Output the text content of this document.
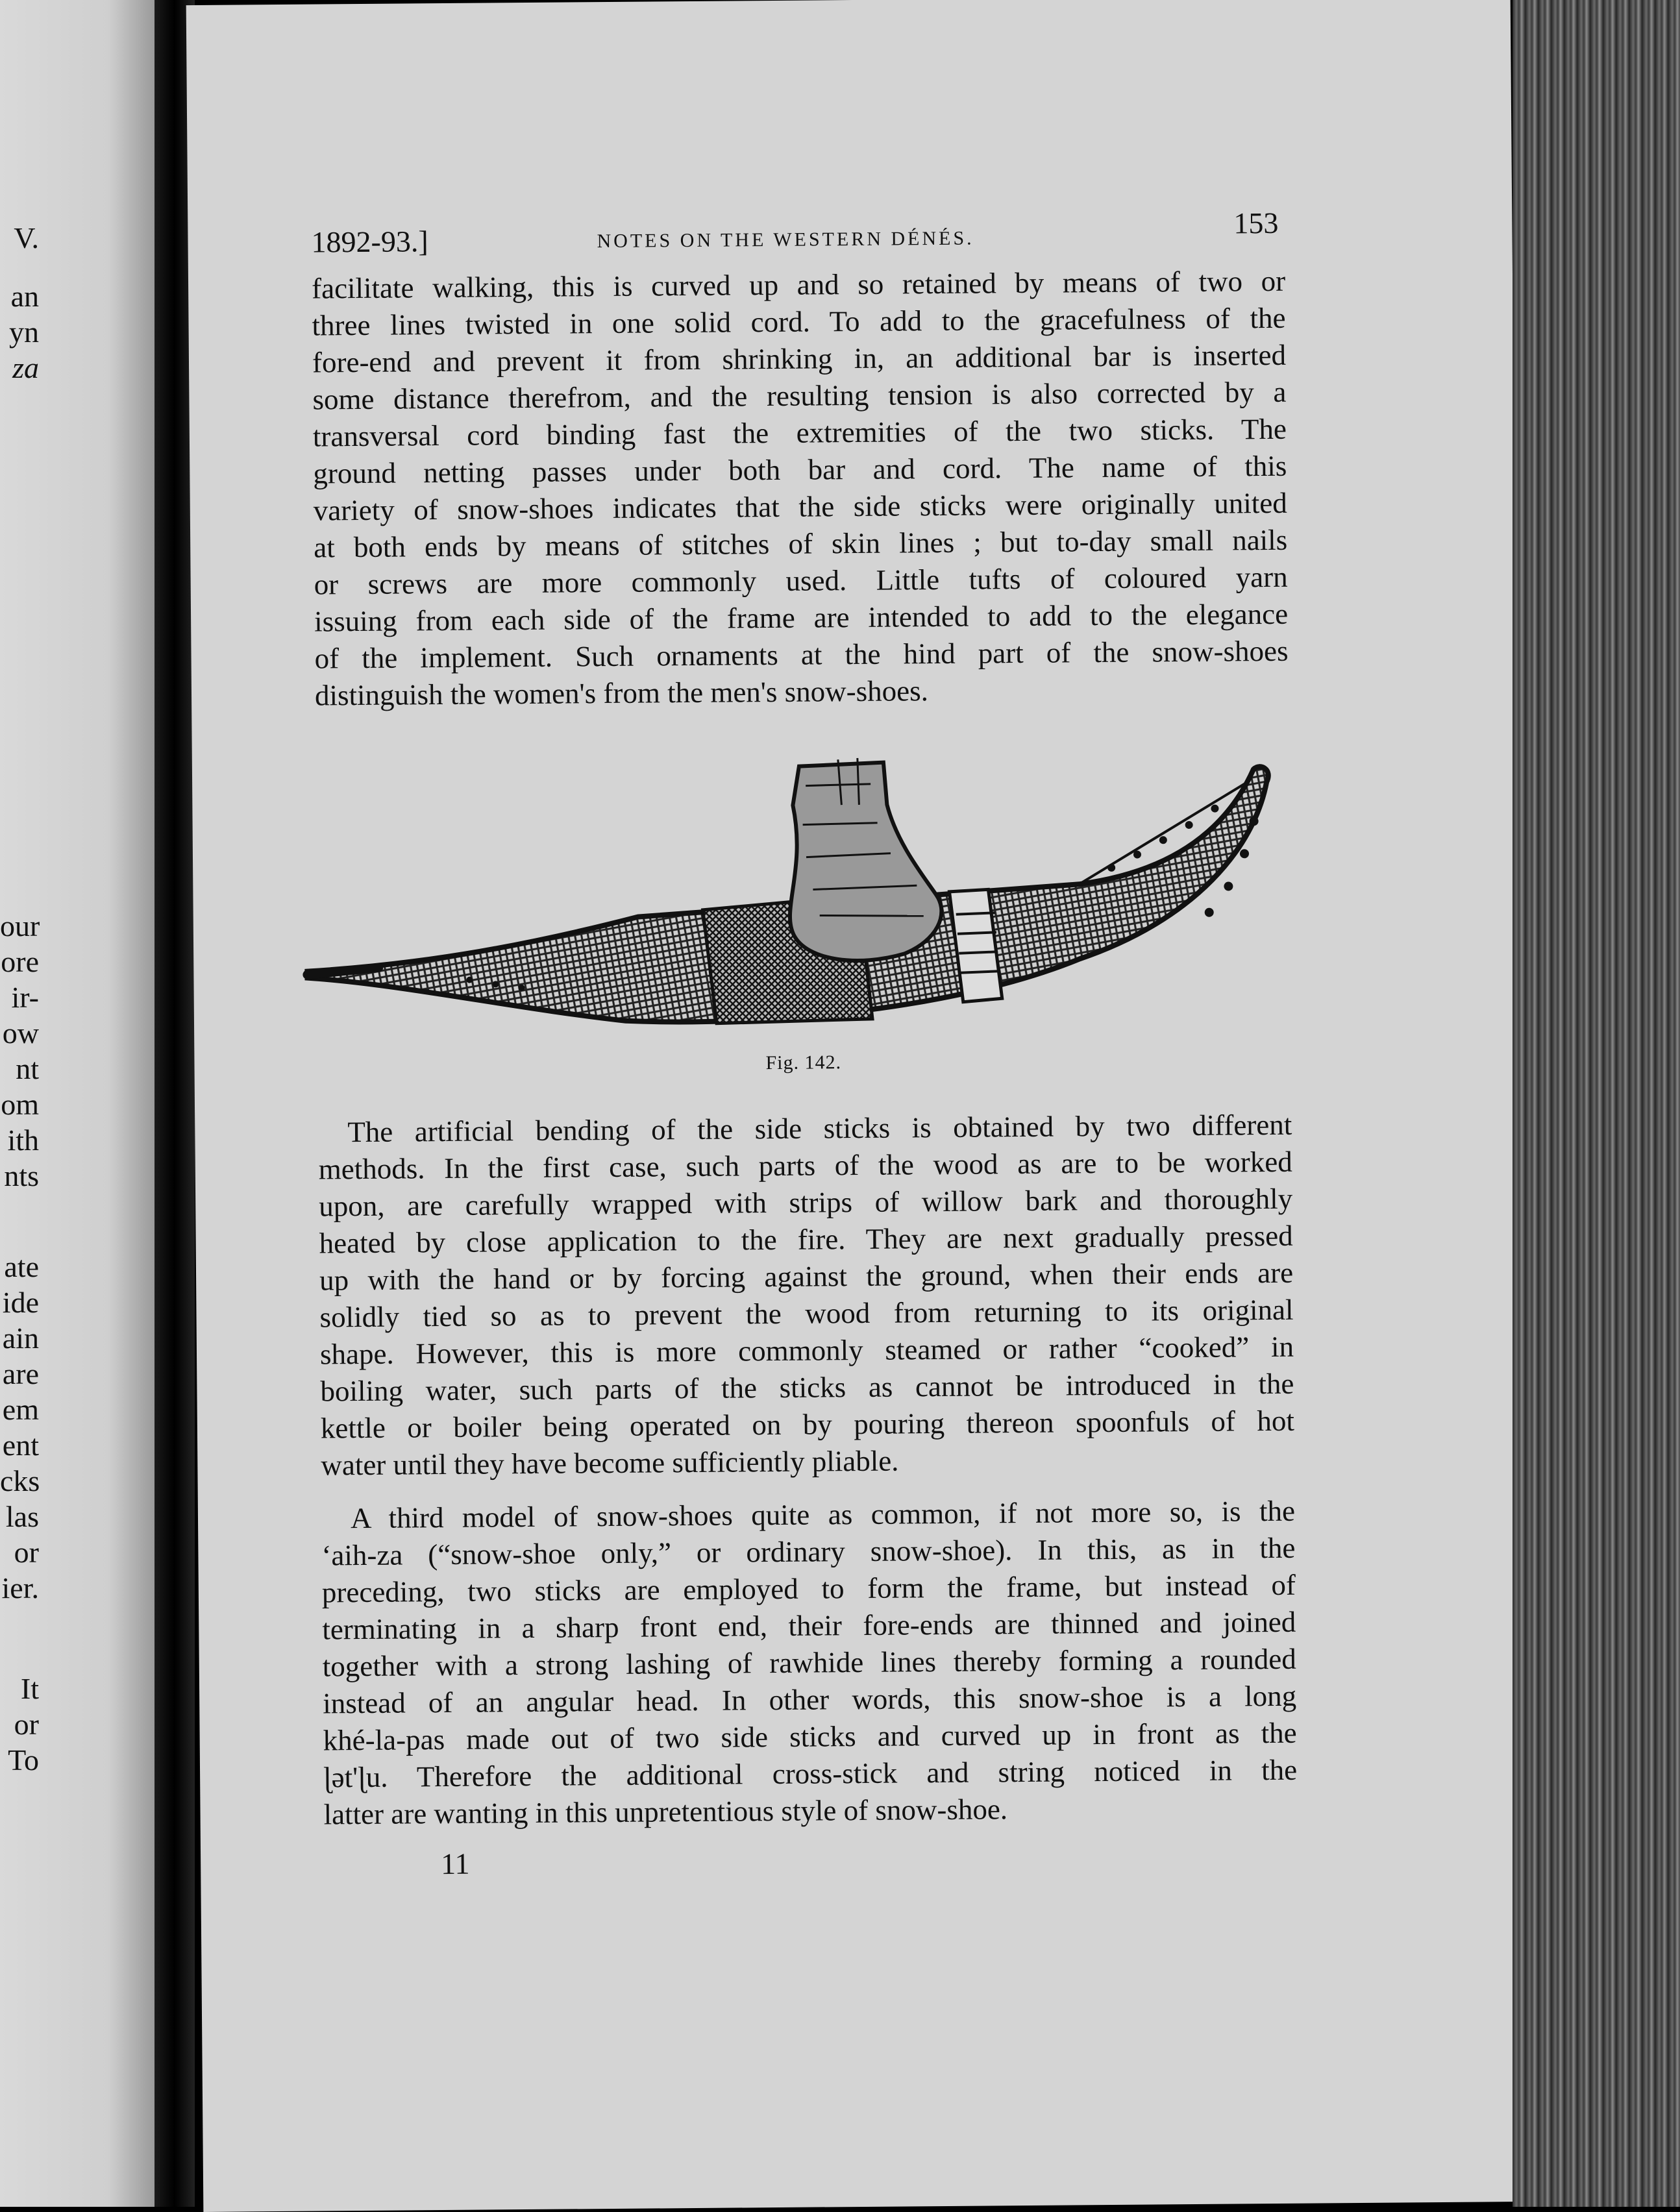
V.
an
yn
za
our
ore
ir-
ow
nt
om
ith
nts
ate
ide
ain
are
em
ent
cks
las
or
ier.
It
or
To
1892-93.]	NOTES ON THE WESTERN DÉNÉS.	153
facilitate walking, this is curved up and so retained by means of two or
three lines twisted in one solid cord. To add to the gracefulness of the
fore-end and prevent it from shrinking in, an additional bar is inserted
some distance therefrom, and the resulting tension is also corrected by a
transversal cord binding fast the extremities of the two sticks. The
ground netting passes under both bar and cord. The name of this
variety of snow-shoes indicates that the side sticks were originally united
at both ends by means of stitches of skin lines ; but to-day small nails
or screws are more commonly used. Little tufts of coloured yarn
issuing from each side of the frame are intended to add to the elegance
of the implement. Such ornaments at the hind part of the snow-shoes
distinguish the women's from the men's snow-shoes.
Fig. 142.
The artificial bending of the side sticks is obtained by two different
methods. In the first case, such parts of the wood as are to be worked
upon, are carefully wrapped with strips of willow bark and thoroughly
heated by close application to the fire. They are next gradually pressed
up with the hand or by forcing against the ground, when their ends are
solidly tied so as to prevent the wood from returning to its original
shape. However, this is more commonly steamed or rather “cooked” in
boiling water, such parts of the sticks as cannot be introduced in the
kettle or boiler being operated on by pouring thereon spoonfuls of hot
water until they have become sufficiently pliable.
A third model of snow-shoes quite as common, if not more so, is the
‘aih-za (“snow-shoe only,” or ordinary snow-shoe). In this, as in the
preceding, two sticks are employed to form the frame, but instead of
terminating in a sharp front end, their fore-ends are thinned and joined
together with a strong lashing of rawhide lines thereby forming a rounded
instead of an angular head. In other words, this snow-shoe is a long
khé-la-pas made out of two side sticks and curved up in front as the
ɭət'ɭu. Therefore the additional cross-stick and string noticed in the
latter are wanting in this unpretentious style of snow-shoe.
11
